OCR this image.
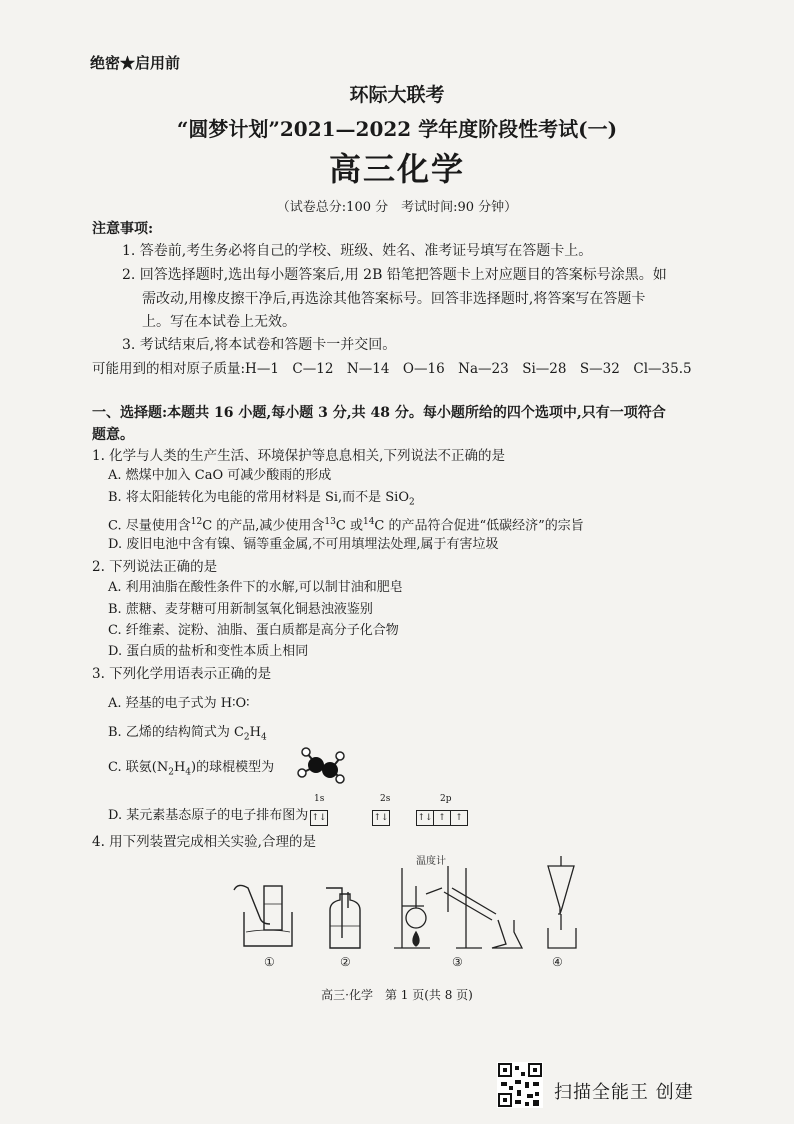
绝密★启用前
环际大联考
“圆梦计划”2021—2022 学年度阶段性考试(一)
高三化学
（试卷总分:100 分　考试时间:90 分钟）
注意事项:
1. 答卷前,考生务必将自己的学校、班级、姓名、准考证号填写在答题卡上。
2. 回答选择题时,选出每小题答案后,用 2B 铅笔把答题卡上对应题目的答案标号涂黑。如
需改动,用橡皮擦干净后,再选涂其他答案标号。回答非选择题时,将答案写在答题卡
上。写在本试卷上无效。
3. 考试结束后,将本试卷和答题卡一并交回。
可能用到的相对原子质量:H—1　C—12　N—14　O—16　Na—23　Si—28　S—32　Cl—35.5
一、选择题:本题共 16 小题,每小题 3 分,共 48 分。每小题所给的四个选项中,只有一项符合
题意。
1. 化学与人类的生产生活、环境保护等息息相关,下列说法不正确的是
A. 燃煤中加入 CaO 可减少酸雨的形成
B. 将太阳能转化为电能的常用材料是 Si,而不是 SiO$_2$
C. 尽量使用含$^{12}$C 的产品,减少使用含$^{13}$C 或$^{14}$C 的产品符合促进“低碳经济”的宗旨
D. 废旧电池中含有镍、镉等重金属,不可用填埋法处理,属于有害垃圾
2. 下列说法正确的是
A. 利用油脂在酸性条件下的水解,可以制甘油和肥皂
B. 蔗糖、麦芽糖可用新制氢氧化铜悬浊液鉴别
C. 纤维素、淀粉、油脂、蛋白质都是高分子化合物
D. 蛋白质的盐析和变性本质上相同
3. 下列化学用语表示正确的是
A. 羟基的电子式为 H∶O∶
B. 乙烯的结构简式为 $C_2H_4$
C. 联氨$(N_2H_4)$的球棍模型为
D. 某元素基态原子的电子排布图为
1s	2s	2p
↑↓	↑↓	↑↓ ↑ ↑
4. 用下列装置完成相关实验,合理的是
温度计
①	②	③	④
高三·化学　第 1 页(共 8 页)
扫描全能王 创建
